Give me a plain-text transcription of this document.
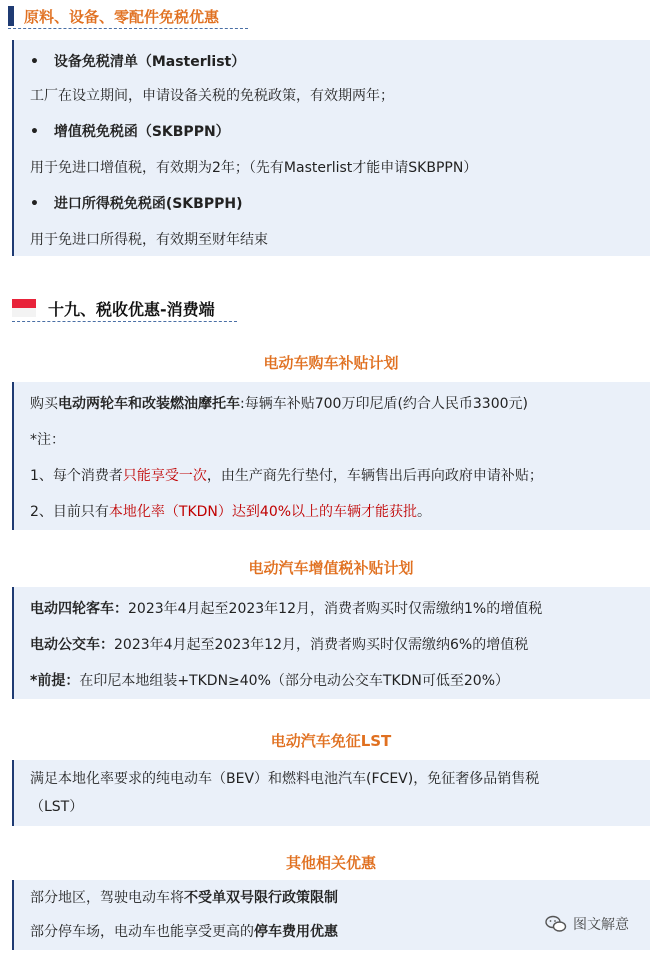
原料、设备、零配件免税优惠
• 设备免税清单（Masterlist）
工厂在设立期间，申请设备关税的免税政策，有效期两年；
• 增值税免税函（SKBPPN）
用于免进口增值税，有效期为2年；（先有Masterlist才能申请SKBPPN）
• 进口所得税免税函(SKBPPH)
用于免进口所得税，有效期至财年结束
十九、税收优惠-消费端
电动车购车补贴计划
购买电动两轮车和改装燃油摩托车:每辆车补贴700万印尼盾(约合人民币3300元)
*注：
1、每个消费者只能享受一次，由生产商先行垫付，车辆售出后再向政府申请补贴；
2、目前只有本地化率（TKDN）达到40%以上的车辆才能获批。
电动汽车增值税补贴计划
电动四轮客车：2023年4月起至2023年12月，消费者购买时仅需缴纳1%的增值税
电动公交车：2023年4月起至2023年12月，消费者购买时仅需缴纳6%的增值税
*前提：在印尼本地组装+TKDN≥40%（部分电动公交车TKDN可低至20%）
电动汽车免征LST
满足本地化率要求的纯电动车（BEV）和燃料电池汽车(FCEV)，免征奢侈品销售税
（LST）
其他相关优惠
部分地区，驾驶电动车将不受单双号限行政策限制
部分停车场，电动车也能享受更高的停车费用优惠	图文解意
